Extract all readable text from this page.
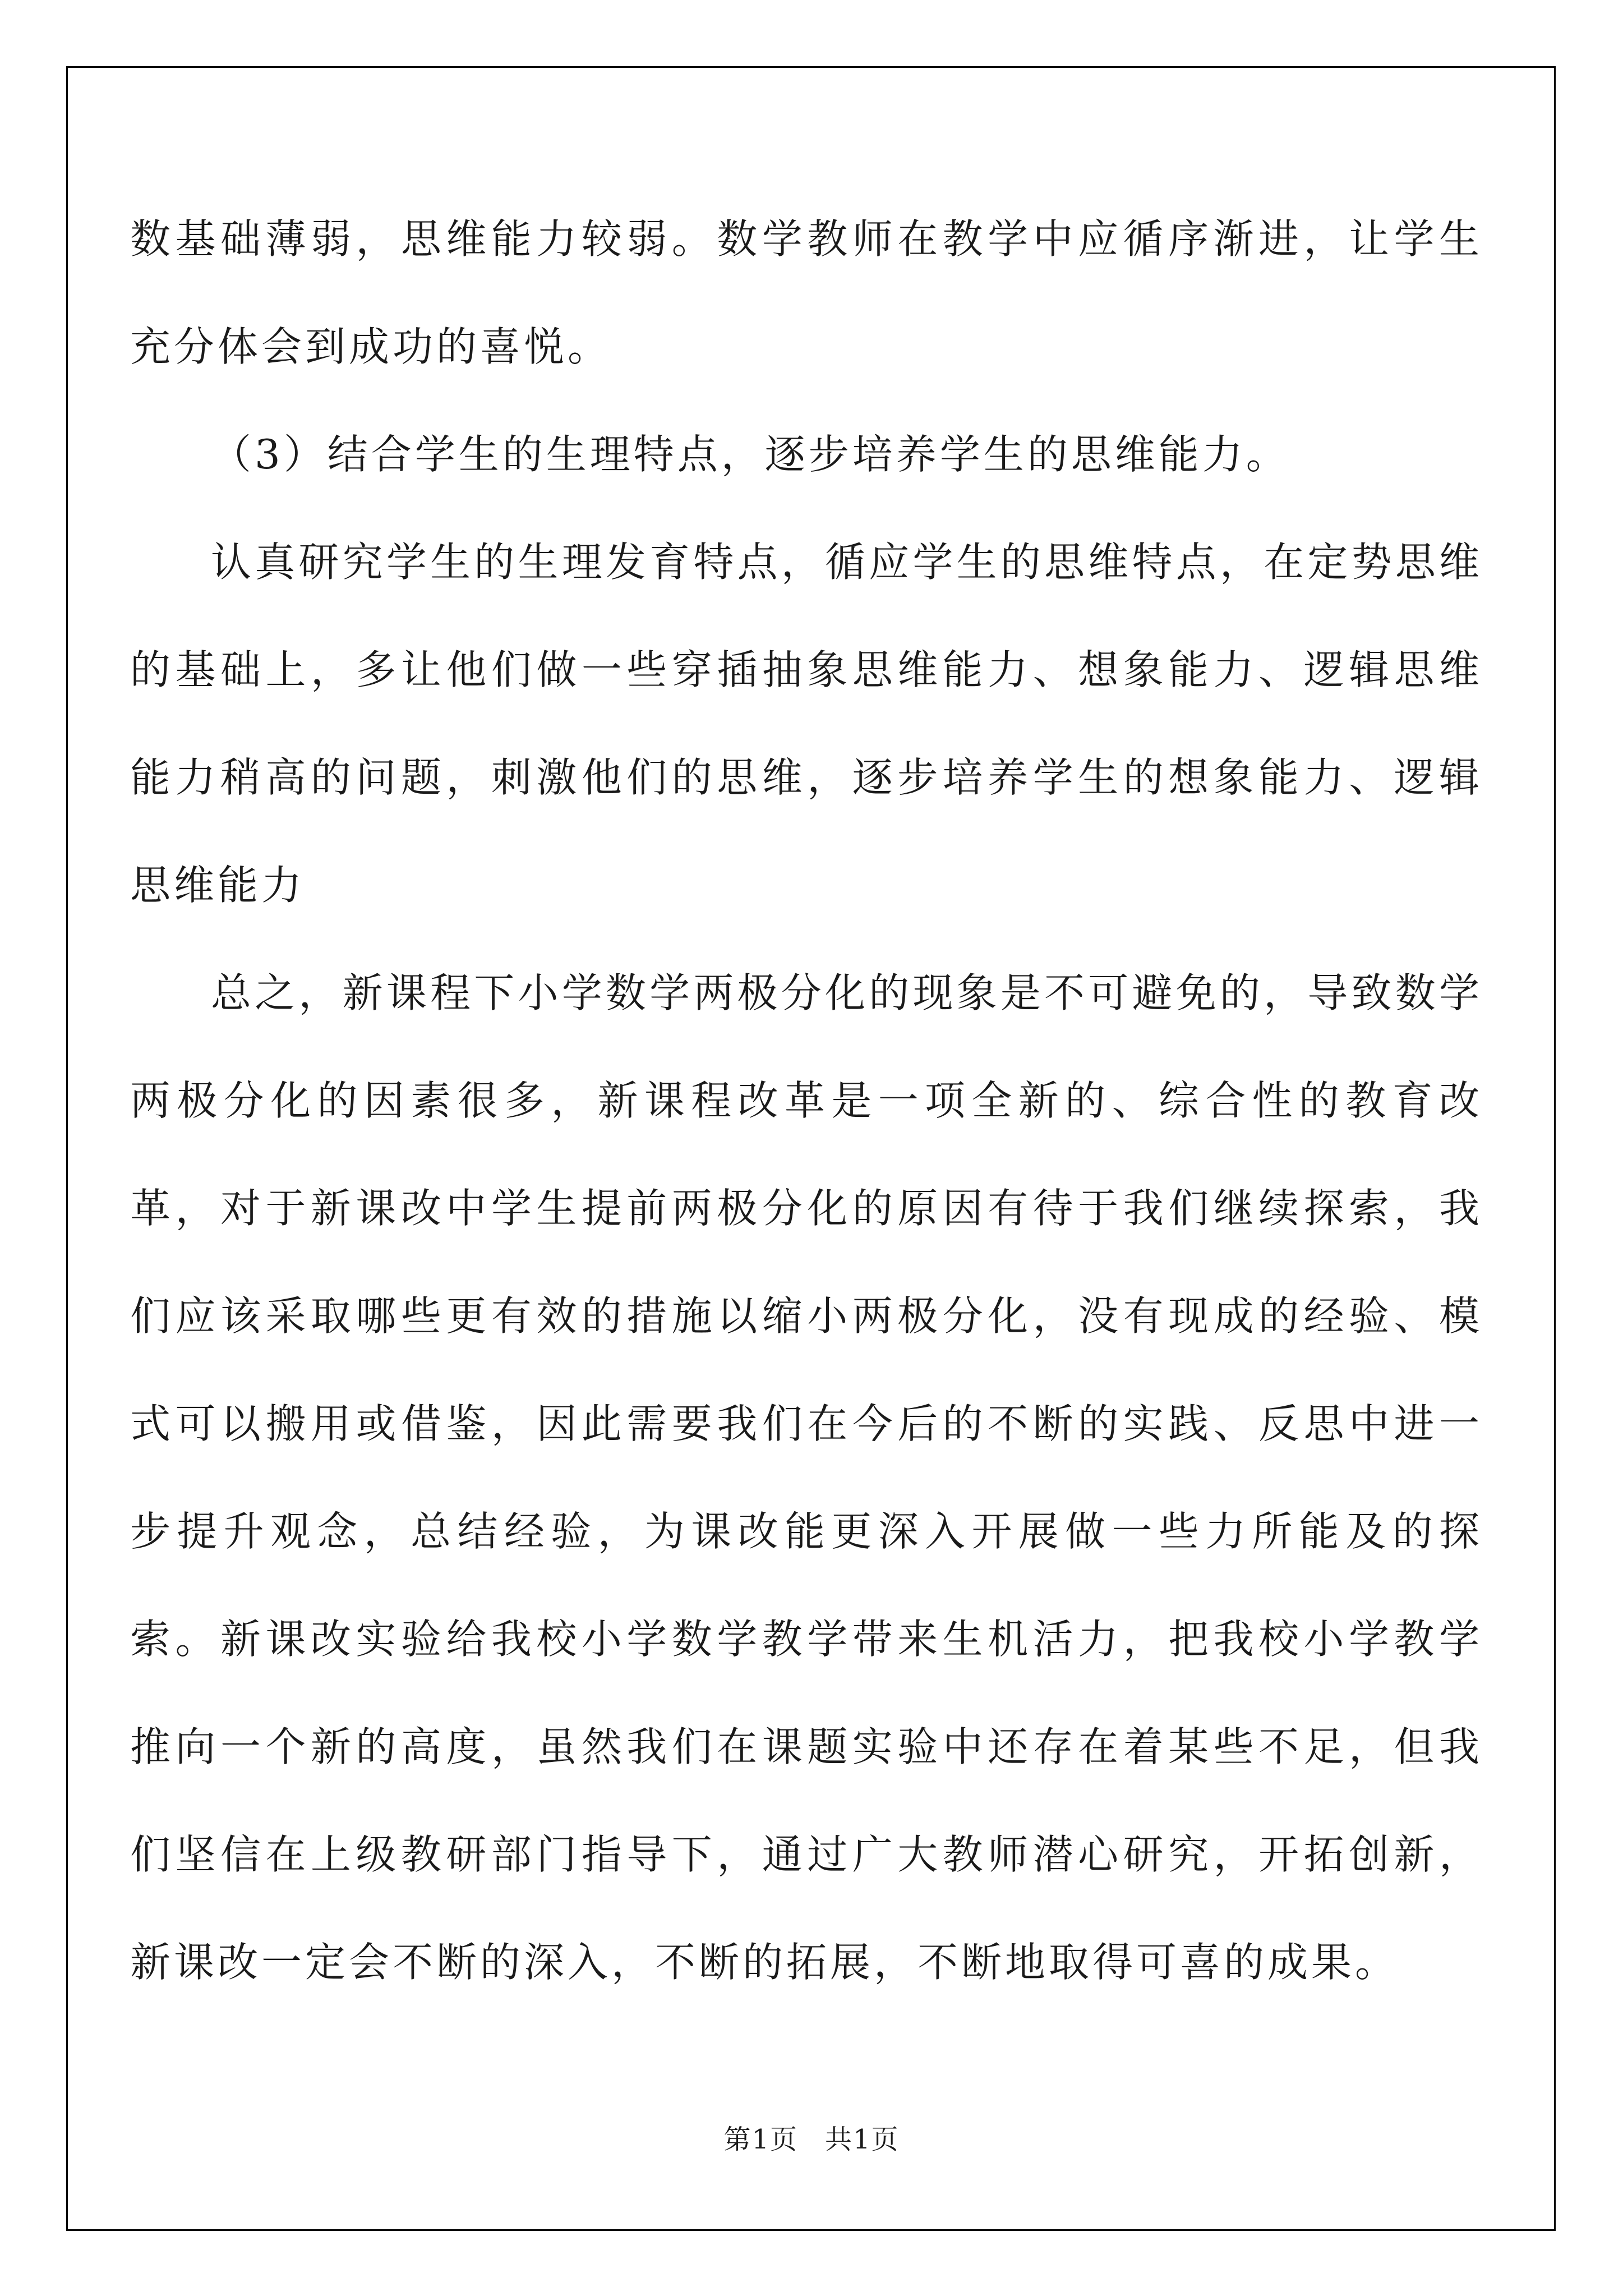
数基础薄弱，思维能力较弱。数学教师在教学中应循序渐进，让学生充分体会到成功的喜悦。

（3）结合学生的生理特点，逐步培养学生的思维能力。

认真研究学生的生理发育特点，循应学生的思维特点，在定势思维的基础上，多让他们做一些穿插抽象思维能力、想象能力、逻辑思维能力稍高的问题，刺激他们的思维，逐步培养学生的想象能力、逻辑思维能力

总之，新课程下小学数学两极分化的现象是不可避免的，导致数学两极分化的因素很多，新课程改革是一项全新的、综合性的教育改革，对于新课改中学生提前两极分化的原因有待于我们继续探索，我们应该采取哪些更有效的措施以缩小两极分化，没有现成的经验、模式可以搬用或借鉴，因此需要我们在今后的不断的实践、反思中进一步提升观念，总结经验，为课改能更深入开展做一些力所能及的探索。新课改实验给我校小学数学教学带来生机活力，把我校小学教学推向一个新的高度，虽然我们在课题实验中还存在着某些不足，但我们坚信在上级教研部门指导下，通过广大教师潜心研究，开拓创新，新课改一定会不断的深入，不断的拓展，不断地取得可喜的成果。

第1页 共1页
